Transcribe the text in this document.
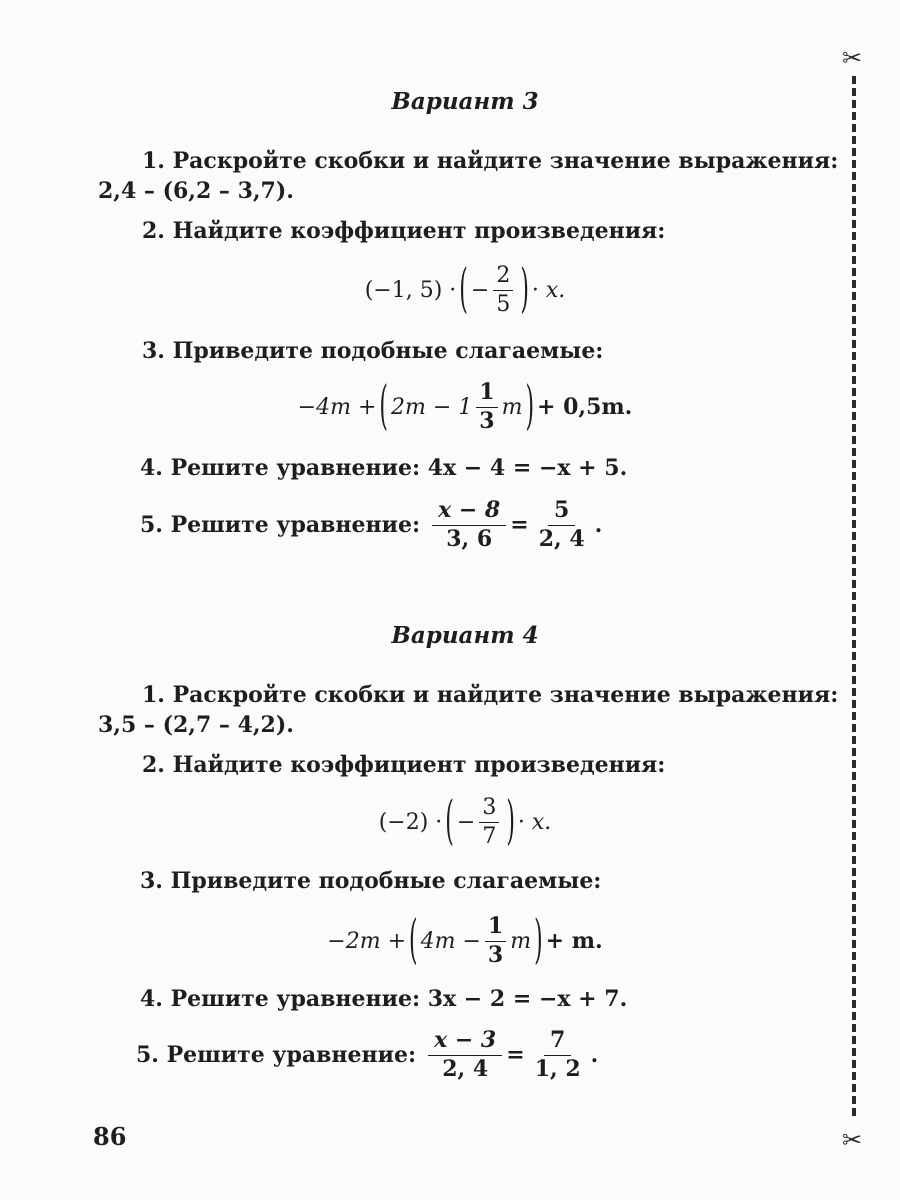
Вариант 3
1. Раскройте скобки и найдите значение выражения:
2,4 – (6,2 – 3,7).
2. Найдите коэффициент произведения:
(−1, 5) · ( − $\frac{2}{5}$ ) · x.
3. Приведите подобные слагаемые:
−4m + ( $2m - 1 \frac{1}{3}$ m ) + 0,5m.
4. Решите уравнение: 4x − 4 = −x + 5.
5. Решите уравнение: $\frac{x - 8}{3, 6} = \frac{5}{2, 4}$ .
Вариант 4
1. Раскройте скобки и найдите значение выражения:
3,5 – (2,7 – 4,2).
2. Найдите коэффициент произведения:
(−2) · ( − $\frac{3}{7}$ ) · x.
3. Приведите подобные слагаемые:
−2m + ( $4m - \frac{1}{3}$ m ) + m.
4. Решите уравнение: 3x − 2 = −x + 7.
5. Решите уравнение: $\frac{x - 3}{2, 4} = \frac{7}{1, 2}$ .
86
✂
✂
